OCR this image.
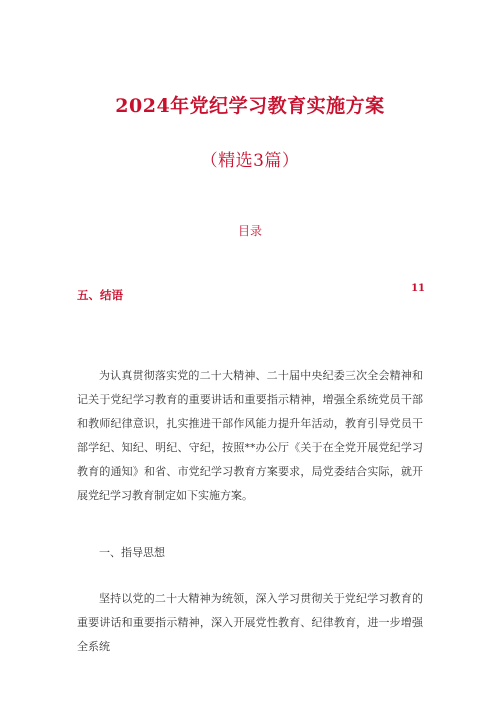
2024年党纪学习教育实施方案
（精选3篇）
目录
五、结语	11

为认真贯彻落实党的二十大精神、二十届中央纪委三次全会精神和记关于党纪学习教育的重要讲话和重要指示精神，增强全系统党员干部和教师纪律意识，扎实推进干部作风能力提升年活动，教育引导党员干部学纪、知纪、明纪、守纪，按照**办公厅《关于在全党开展党纪学习教育的通知》和省、市党纪学习教育方案要求，局党委结合实际，就开展党纪学习教育制定如下实施方案。

一、指导思想

坚持以党的二十大精神为统领，深入学习贯彻关于党纪学习教育的重要讲话和重要指示精神，深入开展党性教育、纪律教育，进一步增强全系统
